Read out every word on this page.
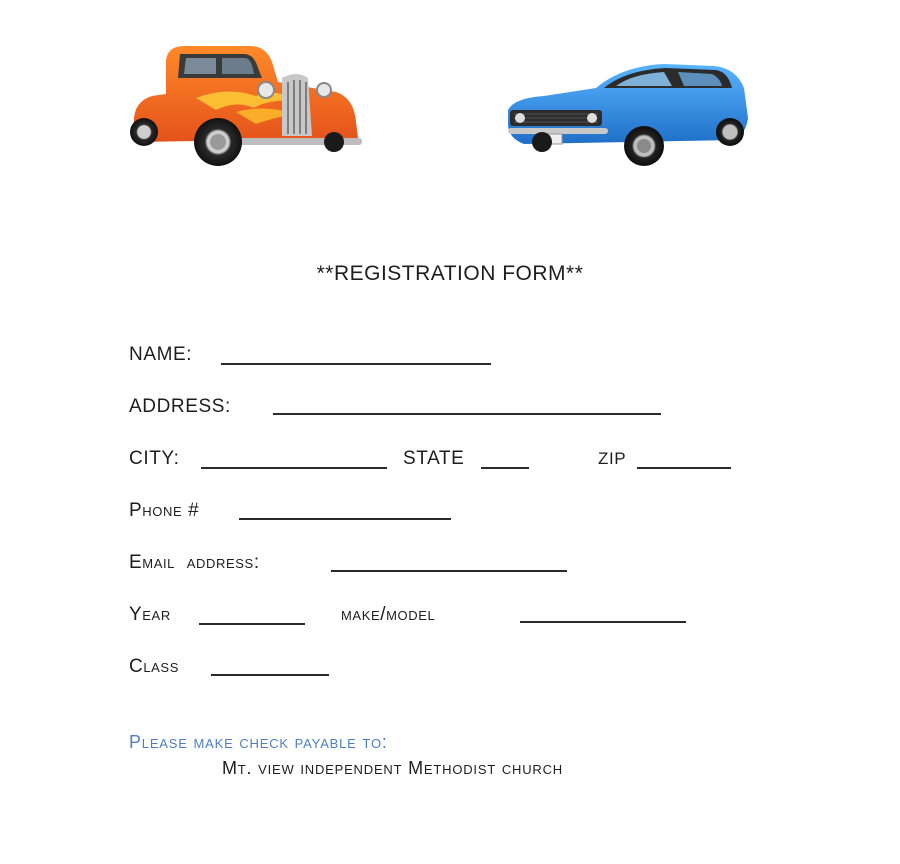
**REGISTRATION FORM**
NAME:
ADDRESS:
CITY:	STATE	ZIP
Phone #
Email  address:
Year	make/model
Class
Please make check payable to:
Mt. view independent Methodist church
